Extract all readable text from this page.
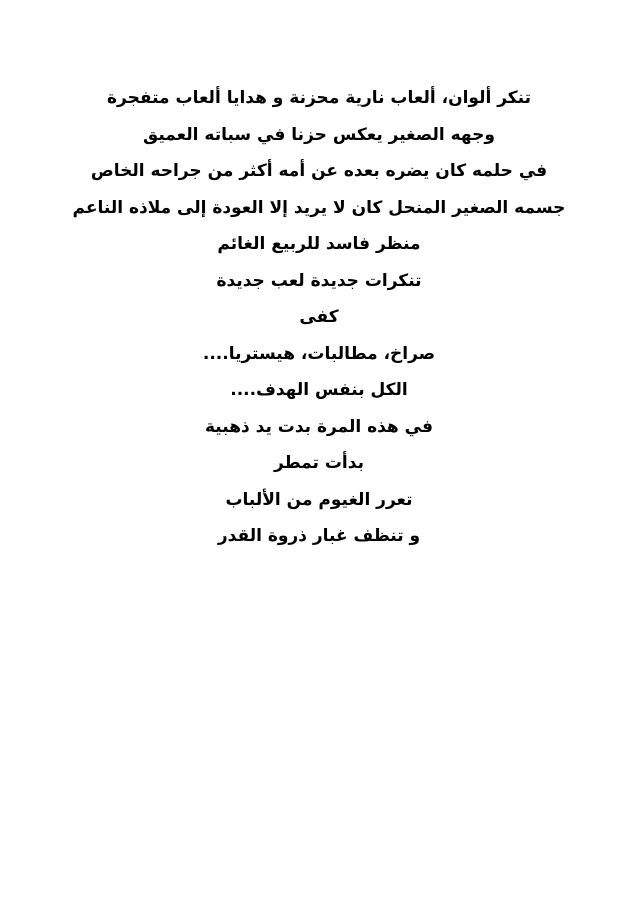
تنكر ألوان، ألعاب نارية محزنة و هدايا ألعاب متفجرة
وجهه الصغير يعكس حزنا في سباته العميق
في حلمه كان يضره بعده عن أمه أكثر من جراحه الخاص
جسمه الصغير المنحل كان لا يريد إلا العودة إلى ملاذه الناعم
منظر فاسد للربيع الغائم
تنكرات جديدة لعب جديدة
كفى
صراخ، مطالبات، هيستريا....
الكل بنفس الهدف....
في هذه المرة بدت يد ذهبية
بدأت تمطر
تعرر الغيوم من الألباب
و تنظف غبار ذروة القدر
